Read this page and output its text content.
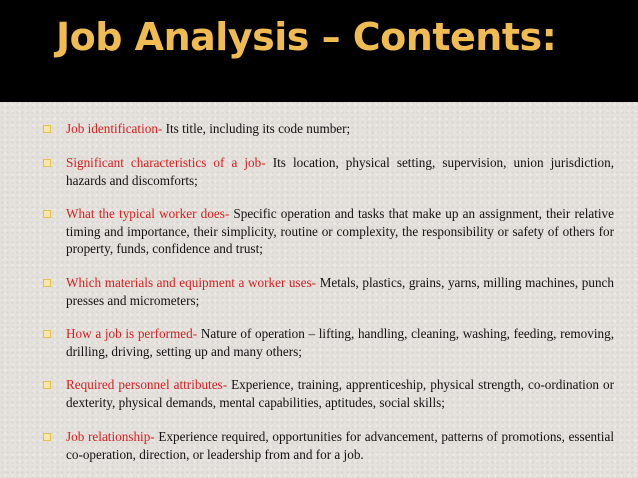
Job Analysis – Contents:
Job identification- Its title, including its code number;
Significant characteristics of a job- Its location, physical setting, supervision, union jurisdiction, hazards and discomforts;
What the typical worker does- Specific operation and tasks that make up an assignment, their relative timing and importance, their simplicity, routine or complexity, the responsibility or safety of others for property, funds, confidence and trust;
Which materials and equipment a worker uses- Metals, plastics, grains, yarns, milling machines, punch presses and micrometers;
How a job is performed- Nature of operation – lifting, handling, cleaning, washing, feeding, removing, drilling, driving, setting up and many others;
Required personnel attributes- Experience, training, apprenticeship, physical strength, co-ordination or dexterity, physical demands, mental capabilities, aptitudes, social skills;
Job relationship- Experience required, opportunities for advancement, patterns of promotions, essential co-operation, direction, or leadership from and for a job.
